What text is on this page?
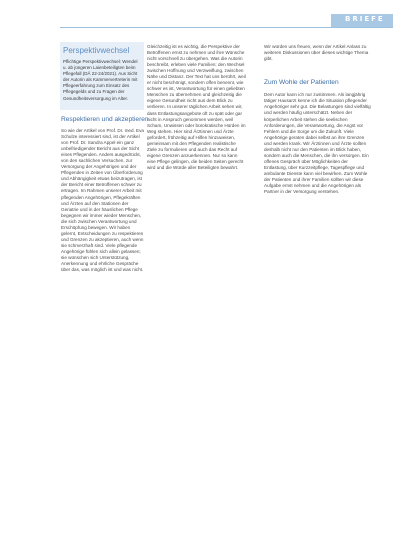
BRIEFE
Perspektivwechsel

Pflichtige Perspektivwechsel: Wendel u. ab jüngeren Laienbeteiligten beim Pflegefall (DÄ 22-24/2021). Aus Sicht der Autorin als Kammervertreterin mit Pflegeerfahrung zum Einsatz des Pflegegelds und zu Fragen der Gesundheitsversorgung im Alter.

Respektieren und akzeptieren
So wie der Artikel von Prof. Dr. med. Eva Schulze interessiert sind, ist der Artikel von Prof. Dr. Sandra Appel ein ganz unbefriedigender Bericht aus der Sicht eines Pflegenden. Anders ausgedrückt, von den sachlichen Versuchen, zur Versorgung der Angehörigen und der Pflegenden in Zeiten von Überforderung und Abhängigkeit etwas beizutragen, ist der Bericht einer Betroffenen schwer zu ertragen. Im Rahmen unserer Arbeit mit pflegenden Angehörigen, Pflegekräften und Ärzten auf den Stationen der Geriatrie und in der häuslichen Pflege begegnen wir immer wieder Menschen, die sich zwischen Verantwortung und Erschöpfung bewegen. Wir haben gelernt, Entscheidungen zu respektieren und Grenzen zu akzeptieren, auch wenn sie schmerzhaft sind. Viele pflegende Angehörige fühlen sich allein gelassen; sie wünschen sich Unterstützung, Anerkennung und ehrliche Gespräche über das, was möglich ist und was nicht.
Gleichzeitig ist es wichtig, die Perspektive der Betroffenen ernst zu nehmen und ihre Wünsche nicht vorschnell zu übergehen. Was die Autorin beschreibt, erleben viele Familien: den Wechsel zwischen Hoffnung und Verzweiflung, zwischen Nähe und Distanz. Der Text hat uns berührt, weil er nicht beschönigt, sondern offen benennt, wie schwer es ist, Verantwortung für einen geliebten Menschen zu übernehmen und gleichzeitig die eigene Gesundheit nicht aus dem Blick zu verlieren. In unserer täglichen Arbeit sehen wir, dass Entlastungsangebote oft zu spät oder gar nicht in Anspruch genommen werden, weil Scham, Unwissen oder bürokratische Hürden im Weg stehen. Hier sind Ärztinnen und Ärzte gefordert, frühzeitig auf Hilfen hinzuweisen, gemeinsam mit den Pflegenden realistische Ziele zu formulieren und auch das Recht auf eigene Grenzen anzuerkennen. Nur so kann eine Pflege gelingen, die beiden Seiten gerecht wird und die Würde aller Beteiligten bewahrt.
Wir würden uns freuen, wenn der Artikel Anlass zu weiteren Diskussionen über dieses wichtige Thema gibt.
Zum Wohle der Patienten
Dem Autor kann ich nur zustimmen. Als langjährig tätiger Hausarzt kenne ich die Situation pflegender Angehöriger sehr gut. Die Belastungen sind vielfältig und werden häufig unterschätzt. Neben der körperlichen Arbeit stehen die seelischen Anforderungen, die Verantwortung, die Angst vor Fehlern und die Sorge um die Zukunft. Viele Angehörige geraten dabei selbst an ihre Grenzen und werden krank. Wir Ärztinnen und Ärzte sollten deshalb nicht nur den Patienten im Blick haben, sondern auch die Menschen, die ihn versorgen. Ein offenes Gespräch über Möglichkeiten der Entlastung, über Kurzzeitpflege, Tagespflege und ambulante Dienste kann viel bewirken. Zum Wohle der Patienten und ihrer Familien sollten wir diese Aufgabe ernst nehmen und die Angehörigen als Partner in der Versorgung verstehen.
